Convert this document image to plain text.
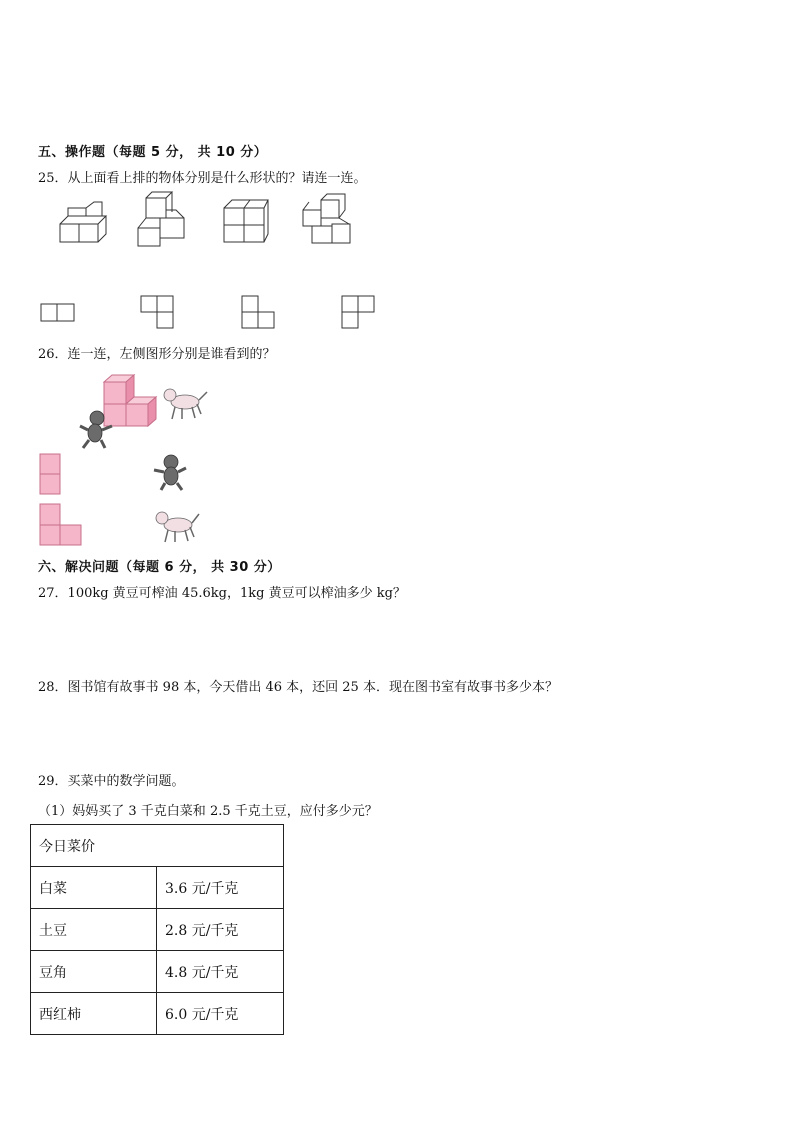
五、操作题（每题 5 分， 共 10 分）
25．从上面看上排的物体分别是什么形状的？请连一连。
26．连一连，左侧图形分别是谁看到的？
六、解决问题（每题 6 分， 共 30 分）
27．100kg 黄豆可榨油 45.6kg，1kg 黄豆可以榨油多少 kg？
28．图书馆有故事书 98 本，今天借出 46 本，还回 25 本．现在图书室有故事书多少本？
29．买菜中的数学问题。
（1）妈妈买了 3 千克白菜和 2.5 千克土豆，应付多少元？
今日菜价	
白菜	3.6 元/千克
土豆	2.8 元/千克
豆角	4.8 元/千克
西红柿	6.0 元/千克
